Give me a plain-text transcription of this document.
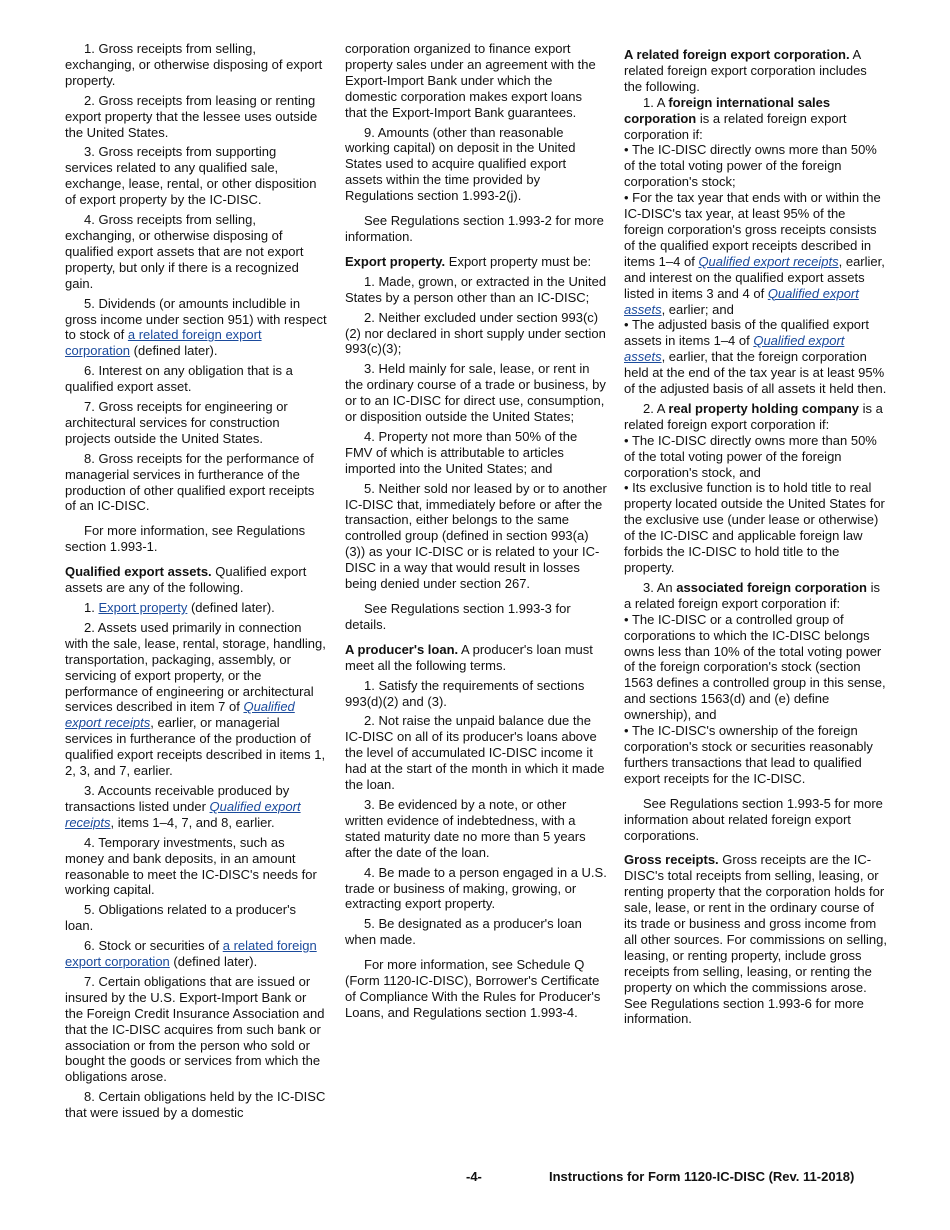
1. Gross receipts from selling, exchanging, or otherwise disposing of export property.

2. Gross receipts from leasing or renting export property that the lessee uses outside the United States.

3. Gross receipts from supporting services related to any qualified sale, exchange, lease, rental, or other disposition of export property by the IC-DISC.

4. Gross receipts from selling, exchanging, or otherwise disposing of qualified export assets that are not export property, but only if there is a recognized gain.

5. Dividends (or amounts includible in gross income under section 951) with respect to stock of a related foreign export corporation (defined later).

6. Interest on any obligation that is a qualified export asset.

7. Gross receipts for engineering or architectural services for construction projects outside the United States.

8. Gross receipts for the performance of managerial services in furtherance of the production of other qualified export receipts of an IC-DISC.

For more information, see Regulations section 1.993-1.

Qualified export assets. Qualified export assets are any of the following.

1. Export property (defined later).

2. Assets used primarily in connection with the sale, lease, rental, storage, handling, transportation, packaging, assembly, or servicing of export property, or the performance of engineering or architectural services described in item 7 of Qualified export receipts, earlier, or managerial services in furtherance of the production of qualified export receipts described in items 1, 2, 3, and 7, earlier.

3. Accounts receivable produced by transactions listed under Qualified export receipts, items 1–4, 7, and 8, earlier.

4. Temporary investments, such as money and bank deposits, in an amount reasonable to meet the IC-DISC's needs for working capital.

5. Obligations related to a producer's loan.

6. Stock or securities of a related foreign export corporation (defined later).

7. Certain obligations that are issued or insured by the U.S. Export-Import Bank or the Foreign Credit Insurance Association and that the IC-DISC acquires from such bank or association or from the person who sold or bought the goods or services from which the obligations arose.

8. Certain obligations held by the IC-DISC that were issued by a domestic

corporation organized to finance export property sales under an agreement with the Export-Import Bank under which the domestic corporation makes export loans that the Export-Import Bank guarantees.

9. Amounts (other than reasonable working capital) on deposit in the United States used to acquire qualified export assets within the time provided by Regulations section 1.993-2(j).

See Regulations section 1.993-2 for more information.

Export property. Export property must be:

1. Made, grown, or extracted in the United States by a person other than an IC-DISC;

2. Neither excluded under section 993(c)(2) nor declared in short supply under section 993(c)(3);

3. Held mainly for sale, lease, or rent in the ordinary course of a trade or business, by or to an IC-DISC for direct use, consumption, or disposition outside the United States;

4. Property not more than 50% of the FMV of which is attributable to articles imported into the United States; and

5. Neither sold nor leased by or to another IC-DISC that, immediately before or after the transaction, either belongs to the same controlled group (defined in section 993(a)(3)) as your IC-DISC or is related to your IC-DISC in a way that would result in losses being denied under section 267.

See Regulations section 1.993-3 for details.

A producer's loan. A producer's loan must meet all the following terms.

1. Satisfy the requirements of sections 993(d)(2) and (3).

2. Not raise the unpaid balance due the IC-DISC on all of its producer's loans above the level of accumulated IC-DISC income it had at the start of the month in which it made the loan.

3. Be evidenced by a note, or other written evidence of indebtedness, with a stated maturity date no more than 5 years after the date of the loan.

4. Be made to a person engaged in a U.S. trade or business of making, growing, or extracting export property.

5. Be designated as a producer's loan when made.

For more information, see Schedule Q (Form 1120-IC-DISC), Borrower's Certificate of Compliance With the Rules for Producer's Loans, and Regulations section 1.993-4.

A related foreign export corporation. A related foreign export corporation includes the following.

1. A foreign international sales corporation is a related foreign export corporation if:

• The IC-DISC directly owns more than 50% of the total voting power of the foreign corporation's stock;

• For the tax year that ends with or within the IC-DISC's tax year, at least 95% of the foreign corporation's gross receipts consists of the qualified export receipts described in items 1–4 of Qualified export receipts, earlier, and interest on the qualified export assets listed in items 3 and 4 of Qualified export assets, earlier; and

• The adjusted basis of the qualified export assets in items 1–4 of Qualified export assets, earlier, that the foreign corporation held at the end of the tax year is at least 95% of the adjusted basis of all assets it held then.

2. A real property holding company is a related foreign export corporation if:

• The IC-DISC directly owns more than 50% of the total voting power of the foreign corporation's stock, and

• Its exclusive function is to hold title to real property located outside the United States for the exclusive use (under lease or otherwise) of the IC-DISC and applicable foreign law forbids the IC-DISC to hold title to the property.

3. An associated foreign corporation is a related foreign export corporation if:

• The IC-DISC or a controlled group of corporations to which the IC-DISC belongs owns less than 10% of the total voting power of the foreign corporation's stock (section 1563 defines a controlled group in this sense, and sections 1563(d) and (e) define ownership), and

• The IC-DISC's ownership of the foreign corporation's stock or securities reasonably furthers transactions that lead to qualified export receipts for the IC-DISC.

See Regulations section 1.993-5 for more information about related foreign export corporations.

Gross receipts. Gross receipts are the IC-DISC's total receipts from selling, leasing, or renting property that the corporation holds for sale, lease, or rent in the ordinary course of its trade or business and gross income from all other sources. For commissions on selling, leasing, or renting property, include gross receipts from selling, leasing, or renting the property on which the commissions arose. See Regulations section 1.993-6 for more information.

-4-	Instructions for Form 1120-IC-DISC (Rev. 11-2018)
